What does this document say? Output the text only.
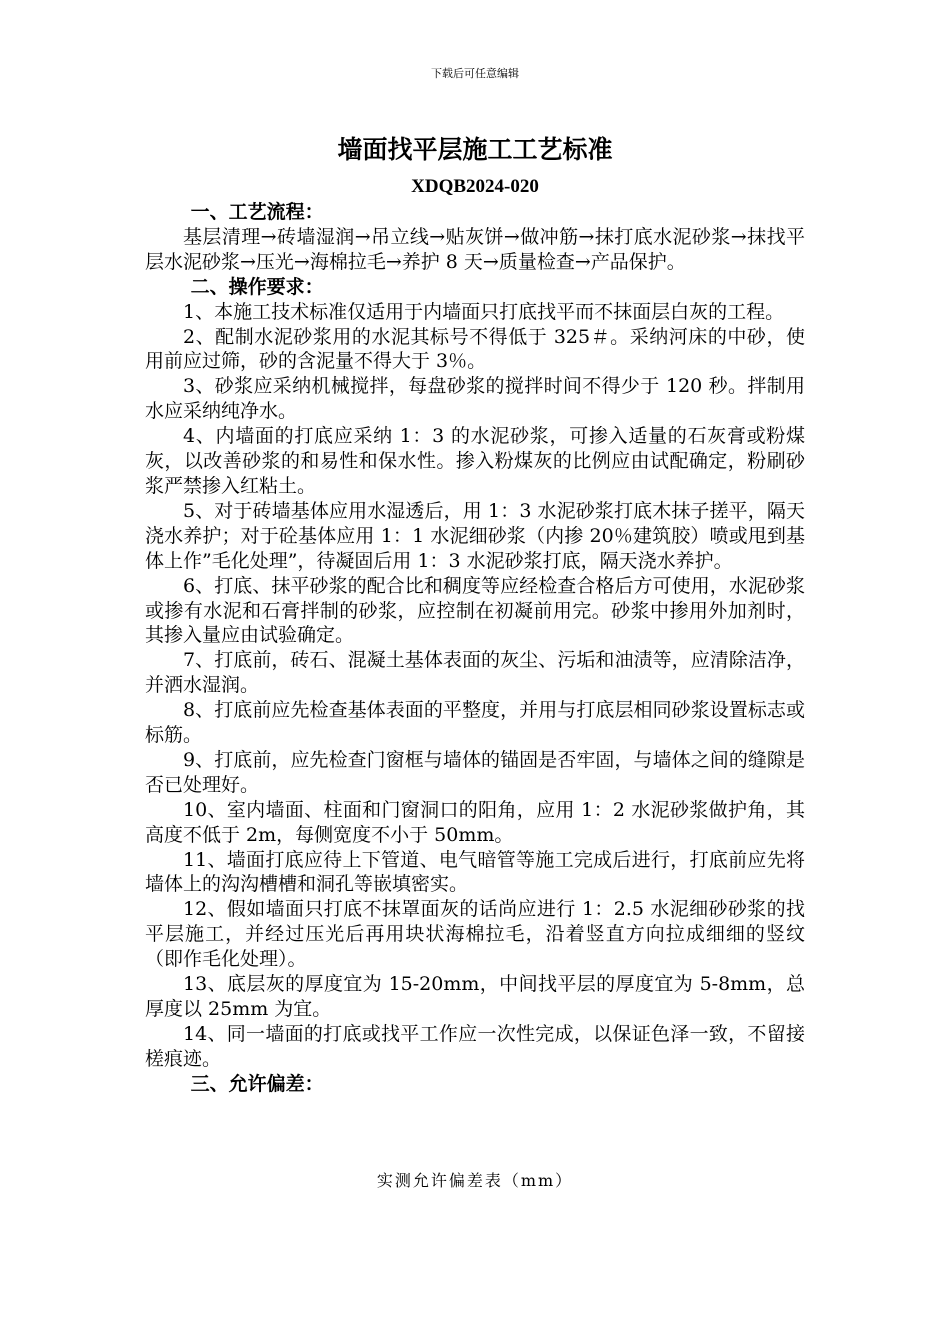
下载后可任意编辑
墙面找平层施工工艺标准
XDQB2024-020
一、工艺流程：

基层清理→砖墙湿润→吊立线→贴灰饼→做冲筋→抹打底水泥砂浆→抹找平层水泥砂浆→压光→海棉拉毛→养护 8 天→质量检查→产品保护。

二、操作要求：

1、本施工技术标准仅适用于内墙面只打底找平而不抹面层白灰的工程。

2、配制水泥砂浆用的水泥其标号不得低于 325＃。采纳河床的中砂，使用前应过筛，砂的含泥量不得大于 3％。

3、砂浆应采纳机械搅拌，每盘砂浆的搅拌时间不得少于 120 秒。拌制用水应采纳纯净水。

4、内墙面的打底应采纳 1：3 的水泥砂浆，可掺入适量的石灰膏或粉煤灰，以改善砂浆的和易性和保水性。掺入粉煤灰的比例应由试配确定，粉刷砂浆严禁掺入红粘土。

5、对于砖墙基体应用水湿透后，用 1：3 水泥砂浆打底木抹子搓平，隔天浇水养护；对于砼基体应用 1：1 水泥细砂浆（内掺 20％建筑胶）喷或甩到基体上作”毛化处理”，待凝固后用 1：3 水泥砂浆打底，隔天浇水养护。

6、打底、抹平砂浆的配合比和稠度等应经检查合格后方可使用，水泥砂浆或掺有水泥和石膏拌制的砂浆，应控制在初凝前用完。砂浆中掺用外加剂时，其掺入量应由试验确定。

7、打底前，砖石、混凝土基体表面的灰尘、污垢和油渍等，应清除洁净，并洒水湿润。

8、打底前应先检查基体表面的平整度，并用与打底层相同砂浆设置标志或标筋。

9、打底前，应先检查门窗框与墙体的锚固是否牢固，与墙体之间的缝隙是否已处理好。

10、室内墙面、柱面和门窗洞口的阳角，应用 1：2 水泥砂浆做护角，其高度不低于 2m，每侧宽度不小于 50mm。

11、墙面打底应待上下管道、电气暗管等施工完成后进行，打底前应先将墙体上的沟沟槽槽和洞孔等嵌填密实。

12、假如墙面只打底不抹罩面灰的话尚应进行 1：2.5 水泥细砂砂浆的找平层施工，并经过压光后再用块状海棉拉毛，沿着竖直方向拉成细细的竖纹（即作毛化处理）。

13、底层灰的厚度宜为 15-20mm，中间找平层的厚度宜为 5-8mm，总厚度以 25mm 为宜。

14、同一墙面的打底或找平工作应一次性完成，以保证色泽一致，不留接槎痕迹。

三、允许偏差：
实测允许偏差表（mm）
